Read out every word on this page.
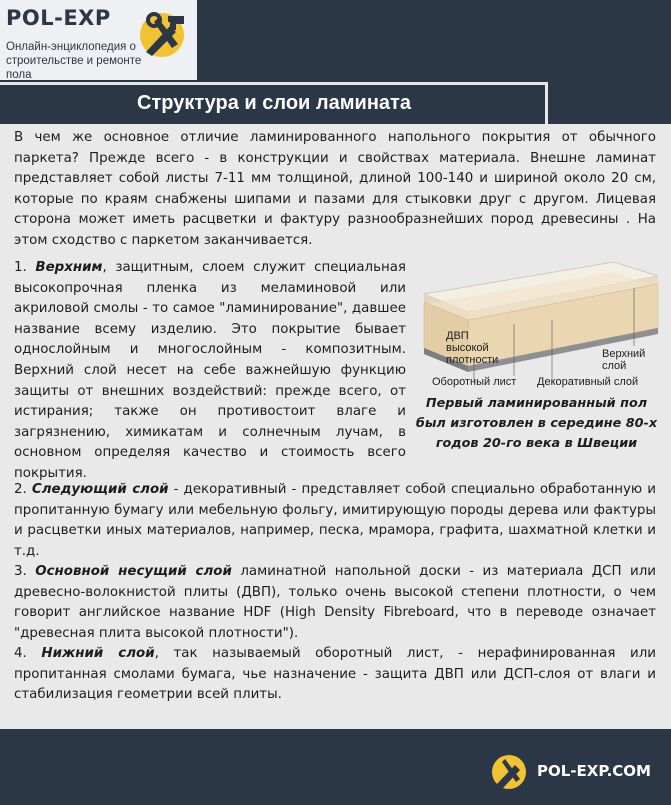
POL-EXP
Онлайн-энциклопедия о строительстве и ремонте пола
Структура и слои ламината
В чем же основное отличие ламинированного напольного покрытия от обычного паркета? Прежде всего - в конструкции и свойствах материала. Внешне ламинат представляет собой листы 7-11 мм толщиной, длиной 100-140 и шириной около 20 см, которые по краям снабжены шипами и пазами для стыковки друг с другом. Лицевая сторона может иметь расцветки и фактуру разнообразнейших пород древесины . На этом сходство с паркетом заканчивается.
1. Верхним, защитным, слоем служит специальная высокопрочная пленка из меламиновой или акриловой смолы - то самое "ламинирование", давшее название всему изделию. Это покрытие бывает однослойным и многослойным - композитным. Верхний слой несет на себе важнейшую функцию защиты от внешних воздействий: прежде всего, от истирания; также он противостоит влаге и загрязнению, химикатам и солнечным лучам, в основном определяя качество и стоимость всего покрытия.
ДВП высокой плотности	Верхний слой
Оборотный лист Декоративный слой
Первый ламинированный пол был изготовлен в середине 80-х годов 20-го века в Швеции
2. Следующий слой - декоративный - представляет собой специально обработанную и пропитанную бумагу или мебельную фольгу, имитирующую породы дерева или фактуры и расцветки иных материалов, например, песка, мрамора, графита, шахматной клетки и т.д.
3. Основной несущий слой ламинатной напольной доски - из материала ДСП или древесно-волокнистой плиты (ДВП), только очень высокой степени плотности, о чем говорит английское название HDF (High Density Fibreboard, что в переводе означает "древесная плита высокой плотности").
4. Нижний слой, так называемый оборотный лист, - нерафинированная или пропитанная смолами бумага, чье назначение - защита ДВП или ДСП-слоя от влаги и стабилизация геометрии всей плиты.
POL-EXP.COM
